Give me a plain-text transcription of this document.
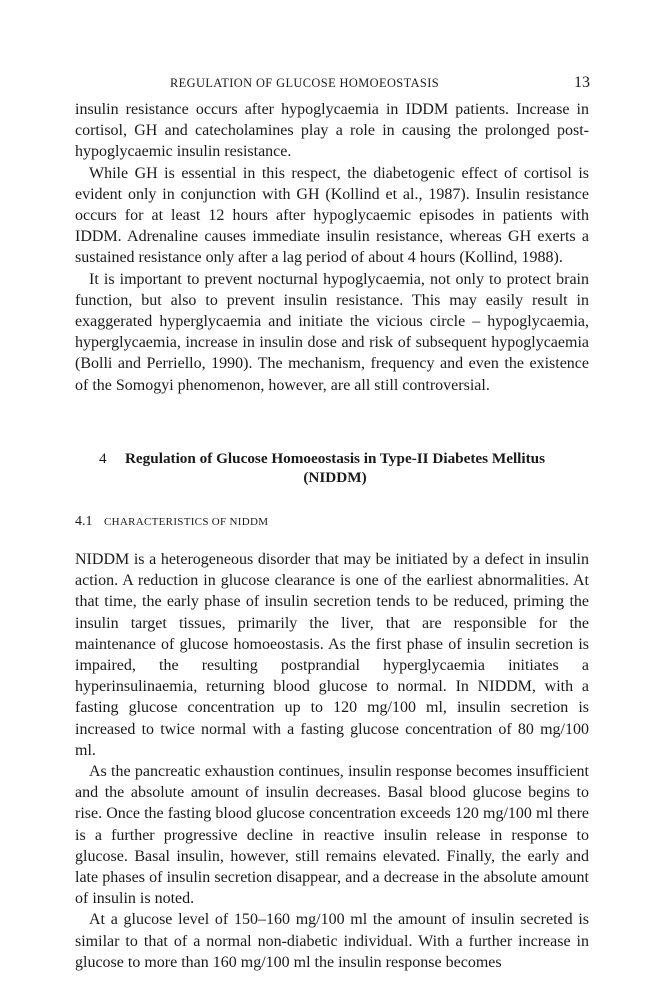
REGULATION OF GLUCOSE HOMOEOSTASIS	13

insulin resistance occurs after hypoglycaemia in IDDM patients. Increase in cortisol, GH and catecholamines play a role in causing the prolonged post-hypoglycaemic insulin resistance.

While GH is essential in this respect, the diabetogenic effect of cortisol is evident only in conjunction with GH (Kollind et al., 1987). Insulin resistance occurs for at least 12 hours after hypoglycaemic episodes in patients with IDDM. Adrenaline causes immediate insulin resistance, whereas GH exerts a sustained resistance only after a lag period of about 4 hours (Kollind, 1988).

It is important to prevent nocturnal hypoglycaemia, not only to protect brain function, but also to prevent insulin resistance. This may easily result in exaggerated hyperglycaemia and initiate the vicious circle – hypoglycaemia, hyperglycaemia, increase in insulin dose and risk of subsequent hypoglycaemia (Bolli and Perriello, 1990). The mechanism, frequency and even the existence of the Somogyi phenomenon, however, are all still controversial.

4	Regulation of Glucose Homoeostasis in Type-II Diabetes Mellitus
(NIDDM)
4.1 CHARACTERISTICS OF NIDDM

NIDDM is a heterogeneous disorder that may be initiated by a defect in insulin action. A reduction in glucose clearance is one of the earliest abnormalities. At that time, the early phase of insulin secretion tends to be reduced, priming the insulin target tissues, primarily the liver, that are responsible for the maintenance of glucose homoeostasis. As the first phase of insulin secretion is impaired, the resulting postprandial hyperglycaemia initiates a hyperinsulinaemia, returning blood glucose to normal. In NIDDM, with a fasting glucose concentration up to 120 mg/100 ml, insulin secretion is increased to twice normal with a fasting glucose concentration of 80 mg/100 ml.

As the pancreatic exhaustion continues, insulin response becomes insufficient and the absolute amount of insulin decreases. Basal blood glucose begins to rise. Once the fasting blood glucose concentration exceeds 120 mg/100 ml there is a further progressive decline in reactive insulin release in response to glucose. Basal insulin, however, still remains elevated. Finally, the early and late phases of insulin secretion disappear, and a decrease in the absolute amount of insulin is noted.

At a glucose level of 150–160 mg/100 ml the amount of insulin secreted is similar to that of a normal non-diabetic individual. With a further increase in glucose to more than 160 mg/100 ml the insulin response becomes
